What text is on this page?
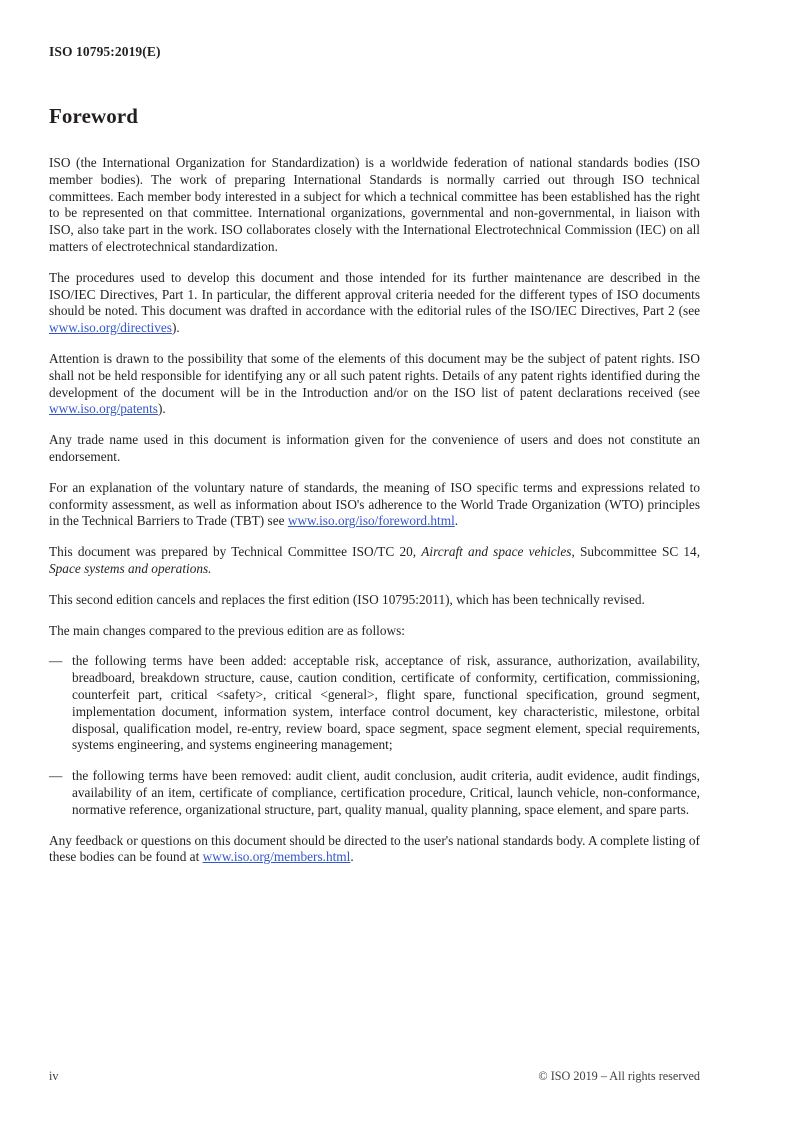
ISO 10795:2019(E)
Foreword

ISO (the International Organization for Standardization) is a worldwide federation of national standards bodies (ISO member bodies). The work of preparing International Standards is normally carried out through ISO technical committees. Each member body interested in a subject for which a technical committee has been established has the right to be represented on that committee. International organizations, governmental and non-governmental, in liaison with ISO, also take part in the work. ISO collaborates closely with the International Electrotechnical Commission (IEC) on all matters of electrotechnical standardization.

The procedures used to develop this document and those intended for its further maintenance are described in the ISO/IEC Directives, Part 1. In particular, the different approval criteria needed for the different types of ISO documents should be noted. This document was drafted in accordance with the editorial rules of the ISO/IEC Directives, Part 2 (see www.iso.org/directives).

Attention is drawn to the possibility that some of the elements of this document may be the subject of patent rights. ISO shall not be held responsible for identifying any or all such patent rights. Details of any patent rights identified during the development of the document will be in the Introduction and/or on the ISO list of patent declarations received (see www.iso.org/patents).

Any trade name used in this document is information given for the convenience of users and does not constitute an endorsement.

For an explanation of the voluntary nature of standards, the meaning of ISO specific terms and expressions related to conformity assessment, as well as information about ISO's adherence to the World Trade Organization (WTO) principles in the Technical Barriers to Trade (TBT) see www.iso.org/iso/foreword.html.

This document was prepared by Technical Committee ISO/TC 20, Aircraft and space vehicles, Subcommittee SC 14, Space systems and operations.

This second edition cancels and replaces the first edition (ISO 10795:2011), which has been technically revised.

The main changes compared to the previous edition are as follows:

— the following terms have been added: acceptable risk, acceptance of risk, assurance, authorization, availability, breadboard, breakdown structure, cause, caution condition, certificate of conformity, certification, commissioning, counterfeit part, critical <safety>, critical <general>, flight spare, functional specification, ground segment, implementation document, information system, interface control document, key characteristic, milestone, orbital disposal, qualification model, re-entry, review board, space segment, space segment element, special requirements, systems engineering, and systems engineering management;
— the following terms have been removed: audit client, audit conclusion, audit criteria, audit evidence, audit findings, availability of an item, certificate of compliance, certification procedure, Critical, launch vehicle, non-conformance, normative reference, organizational structure, part, quality manual, quality planning, space element, and spare parts.

Any feedback or questions on this document should be directed to the user's national standards body. A complete listing of these bodies can be found at www.iso.org/members.html.

iv	© ISO 2019 – All rights reserved
